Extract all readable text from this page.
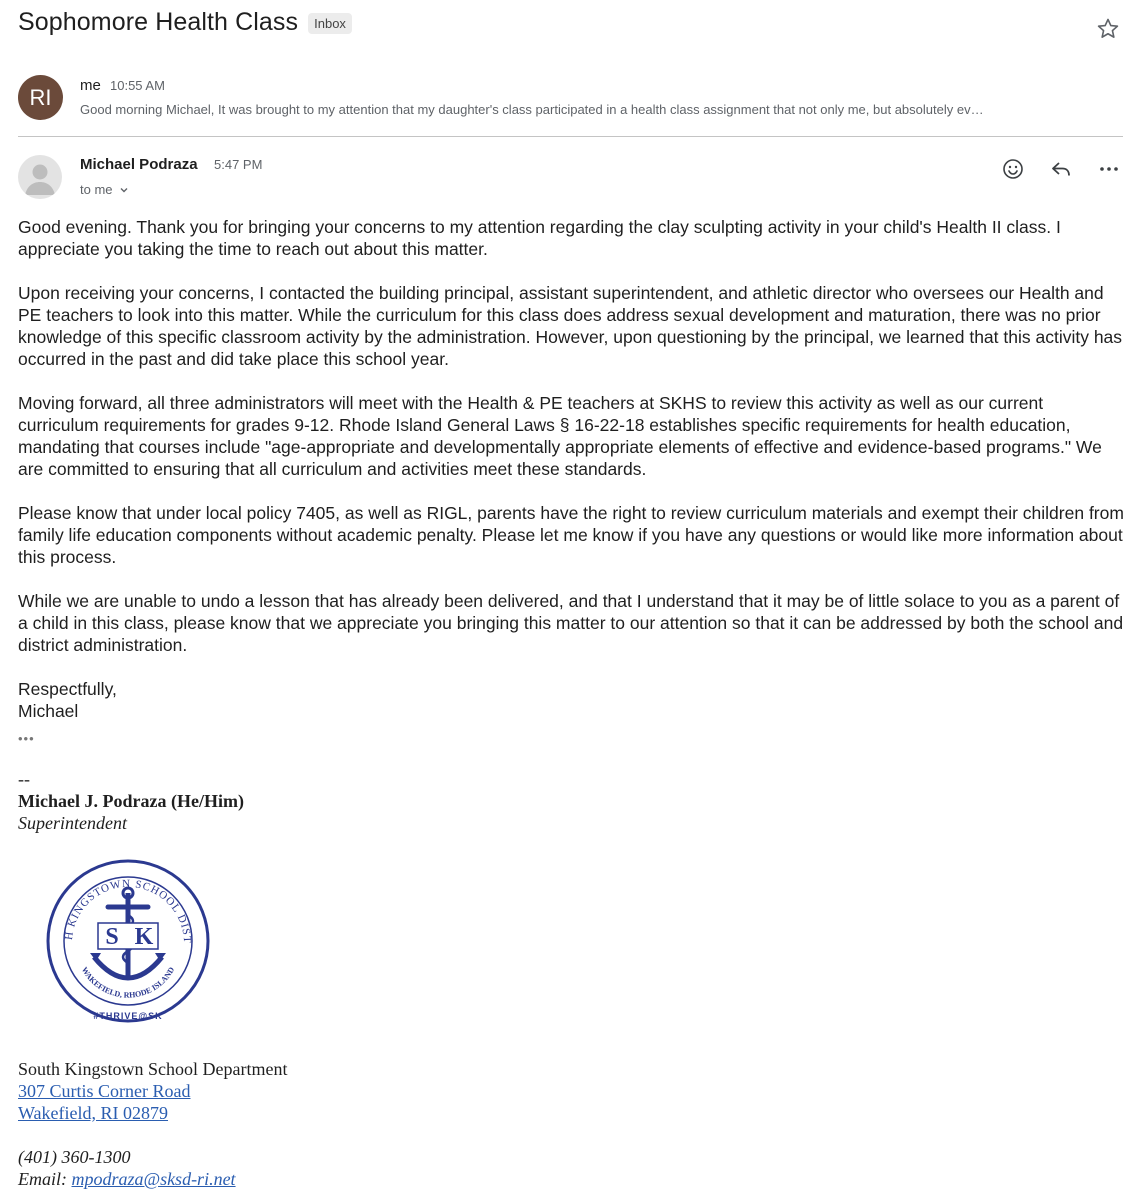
Sophomore Health Class	Inbox
RI	me 10:55 AM
Good morning Michael, It was brought to my attention that my daughter's class participated in a health class assignment that not only me, but absolutely ev…
Michael Podraza 5:47 PM
to me

Good evening. Thank you for bringing your concerns to my attention regarding the clay sculpting activity in your child's Health II class. I appreciate you taking the time to reach out about this matter.

Upon receiving your concerns, I contacted the building principal, assistant superintendent, and athletic director who oversees our Health and PE teachers to look into this matter. While the curriculum for this class does address sexual development and maturation, there was no prior knowledge of this specific classroom activity by the administration. However, upon questioning by the principal, we learned that this activity has occurred in the past and did take place this school year.

Moving forward, all three administrators will meet with the Health & PE teachers at SKHS to review this activity as well as our current curriculum requirements for grades 9-12. Rhode Island General Laws § 16-22-18 establishes specific requirements for health education, mandating that courses include "age-appropriate and developmentally appropriate elements of effective and evidence-based programs." We are committed to ensuring that all curriculum and activities meet these standards.

Please know that under local policy 7405, as well as RIGL, parents have the right to review curriculum materials and exempt their children from family life education components without academic penalty. Please let me know if you have any questions or would like more information about this process.

While we are unable to undo a lesson that has already been delivered, and that I understand that it may be of little solace to you as a parent of a child in this class, please know that we appreciate you bringing this matter to our attention so that it can be addressed by both the school and district administration.

Respectfully,

Michael

•••
--
Michael J. Podraza (He/Him)
Superintendent
H KINGSTOWN SCHOOL DIST
WAKEFIELD, RHODE ISLAND
S K
#THRIVE@SK
South Kingstown School Department
307 Curtis Corner Road
Wakefield, RI 02879
(401) 360-1300
Email: mpodraza@sksd-ri.net
